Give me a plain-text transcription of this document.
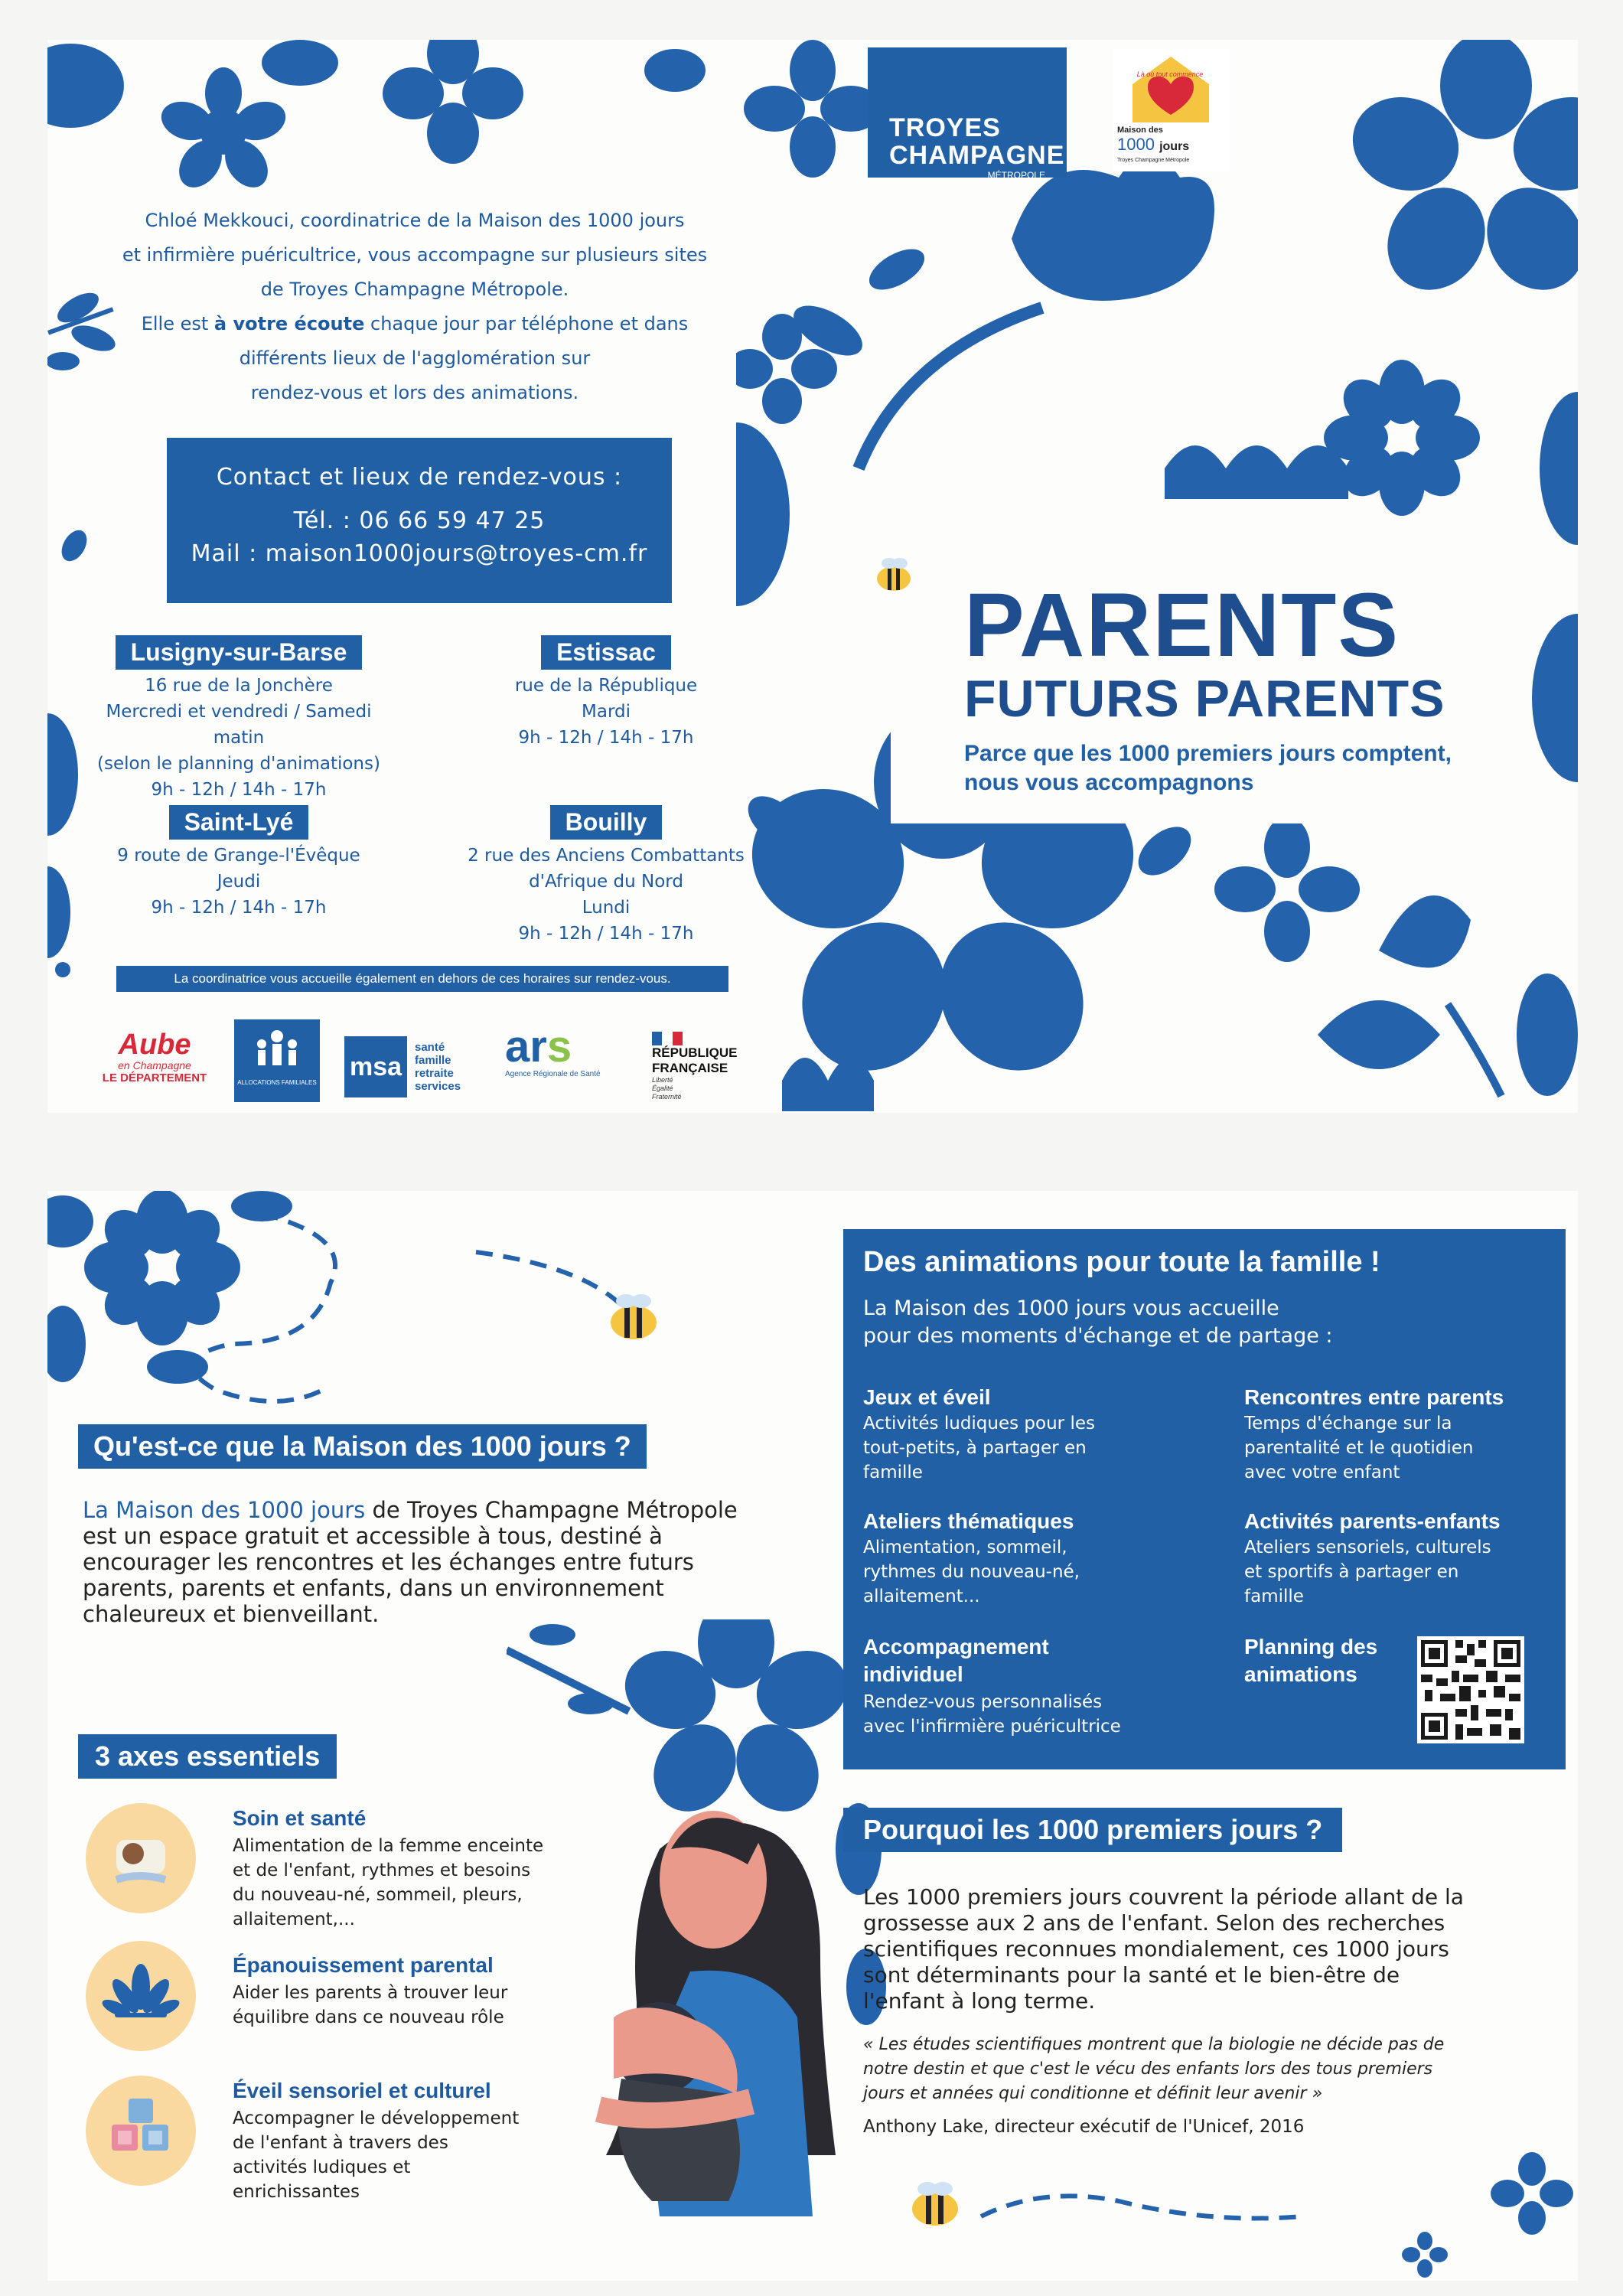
Chloé Mekkouci, coordinatrice de la Maison des 1000 jours
et infirmière puéricultrice, vous accompagne sur plusieurs sites
de Troyes Champagne Métropole.
Elle est à votre écoute chaque jour par téléphone et dans
différents lieux de l'agglomération sur
rendez-vous et lors des animations.
Contact et lieux de rendez-vous :
Tél. : 06 66 59 47 25
Mail : maison1000jours@troyes-cm.fr
Lusigny-sur-Barse
16 rue de la Jonchère
Mercredi et vendredi / Samedi matin
(selon le planning d'animations)
9h - 12h / 14h - 17h
Estissac
rue de la République
Mardi
9h - 12h / 14h - 17h
Saint-Lyé
9 route de Grange-l'Évêque
Jeudi
9h - 12h / 14h - 17h
Bouilly
2 rue des Anciens Combattants
d'Afrique du Nord
Lundi
9h - 12h / 14h - 17h
La coordinatrice vous accueille également en dehors de ces horaires sur rendez-vous.
Aube
en Champagne
LE DÉPARTEMENT	ALLOCATIONS FAMILIALES
msa
santé
famille
retraite
services
ars
Agence Régionale de Santé
RÉPUBLIQUE
FRANÇAISE
Liberté
Égalité
Fraternité
TROYES
CHAMPAGNE
MÉTROPOLE
Là où tout commence
Maison des
1000 jours
Troyes Champagne Métropole
PARENTS
FUTURS PARENTS
Parce que les 1000 premiers jours comptent,
nous vous accompagnons
Qu'est-ce que la Maison des 1000 jours ?
La Maison des 1000 jours de Troyes Champagne Métropole
est un espace gratuit et accessible à tous, destiné à
encourager les rencontres et les échanges entre futurs
parents, parents et enfants, dans un environnement
chaleureux et bienveillant.
3 axes essentiels
Soin et santé
Alimentation de la femme enceinte
et de l'enfant, rythmes et besoins
du nouveau-né, sommeil, pleurs,
allaitement,...
Épanouissement parental
Aider les parents à trouver leur
équilibre dans ce nouveau rôle
Éveil sensoriel et culturel
Accompagner le développement
de l'enfant à travers des
activités ludiques et
enrichissantes
Des animations pour toute la famille !
La Maison des 1000 jours vous accueille
pour des moments d'échange et de partage :
Jeux et éveil
Activités ludiques pour les
tout-petits, à partager en
famille
Rencontres entre parents
Temps d'échange sur la
parentalité et le quotidien
avec votre enfant
Ateliers thématiques
Alimentation, sommeil,
rythmes du nouveau-né,
allaitement...
Activités parents-enfants
Ateliers sensoriels, culturels
et sportifs à partager en
famille
Accompagnement
individuel
Rendez-vous personnalisés
avec l'infirmière puéricultrice
Planning des
animations
Pourquoi les 1000 premiers jours ?
Les 1000 premiers jours couvrent la période allant de la
grossesse aux 2 ans de l'enfant. Selon des recherches
scientifiques reconnues mondialement, ces 1000 jours
sont déterminants pour la santé et le bien-être de
l'enfant à long terme.
« Les études scientifiques montrent que la biologie ne décide pas de
notre destin et que c'est le vécu des enfants lors des tous premiers
jours et années qui conditionne et définit leur avenir »
Anthony Lake, directeur exécutif de l'Unicef, 2016
